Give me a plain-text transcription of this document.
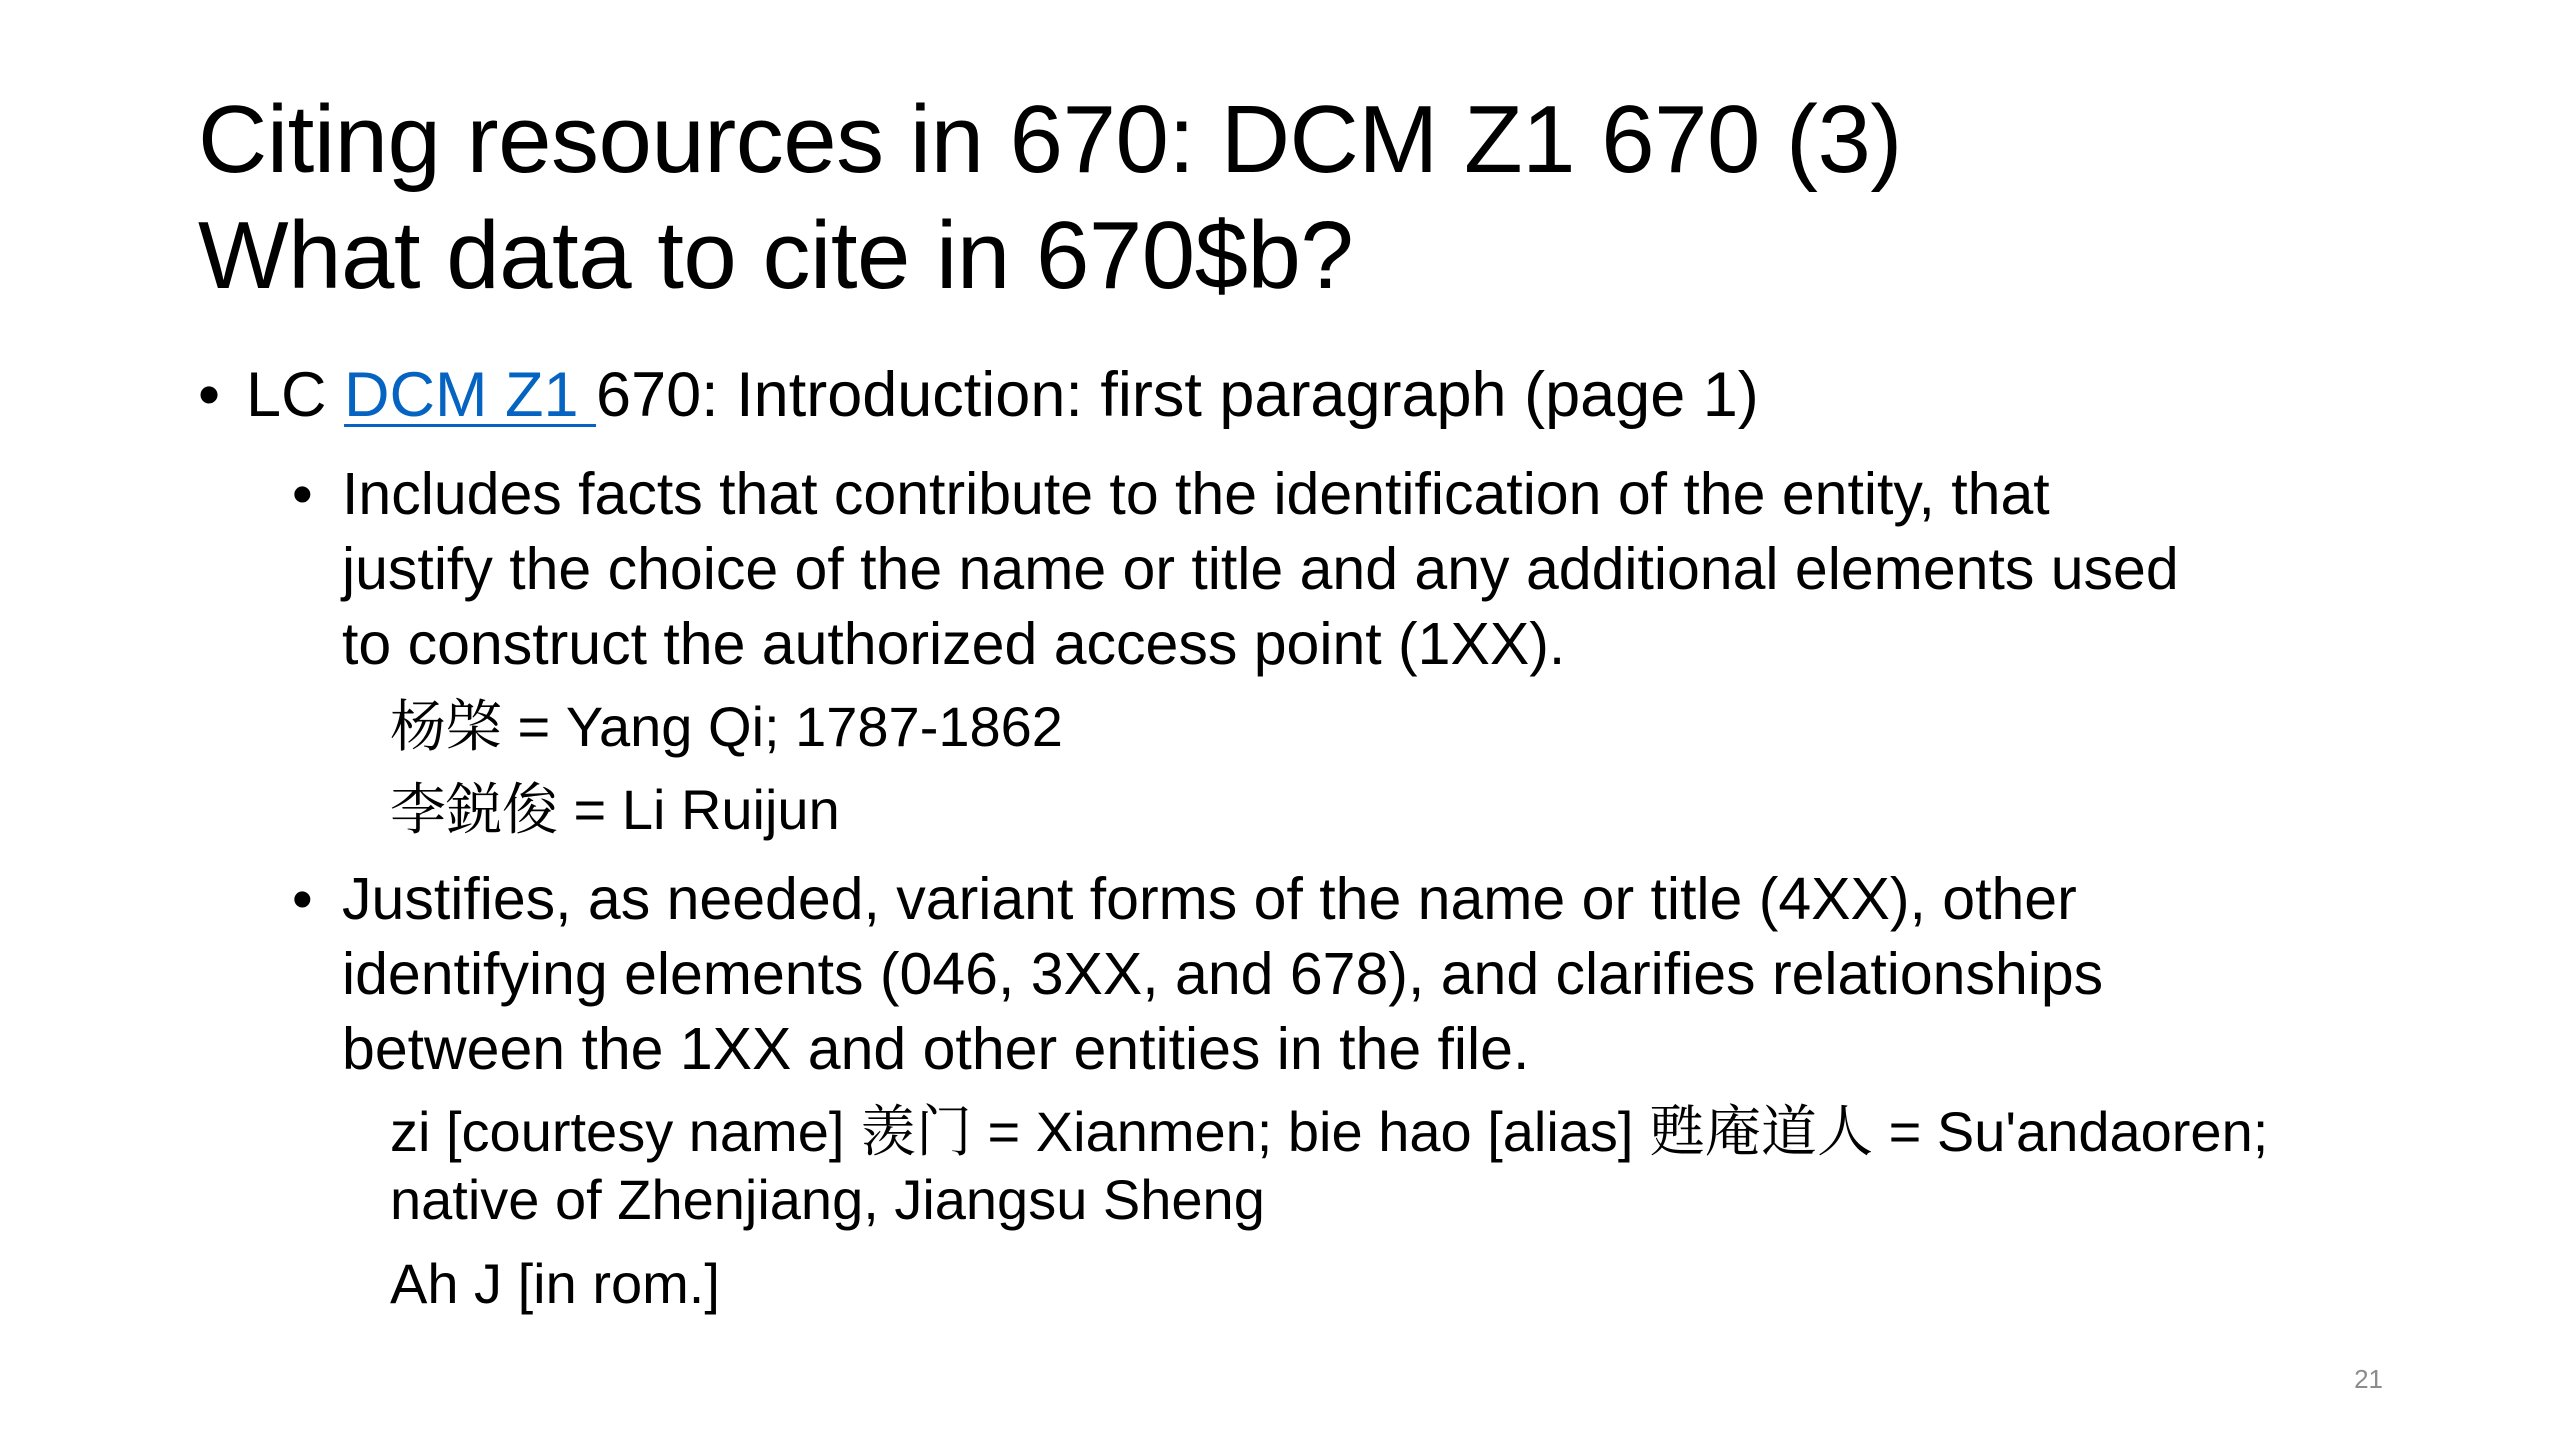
Citing resources in 670: DCM Z1 670 (3)
What data to cite in 670$b?
• LC DCM Z1 670: Introduction: first paragraph (page 1)
• Includes facts that contribute to the identification of the entity, that
justify the choice of the name or title and any additional elements used
to construct the authorized access point (1XX).
杨棨 = Yang Qi; 1787-1862
李鋭俊 = Li Ruijun
• Justifies, as needed, variant forms of the name or title (4XX), other
identifying elements (046, 3XX, and 678), and clarifies relationships
between the 1XX and other entities in the file.
zi [courtesy name] 羡门 = Xianmen; bie hao [alias] 甦庵道人 = Su'andaoren;
native of Zhenjiang, Jiangsu Sheng
Ah J [in rom.]
21
